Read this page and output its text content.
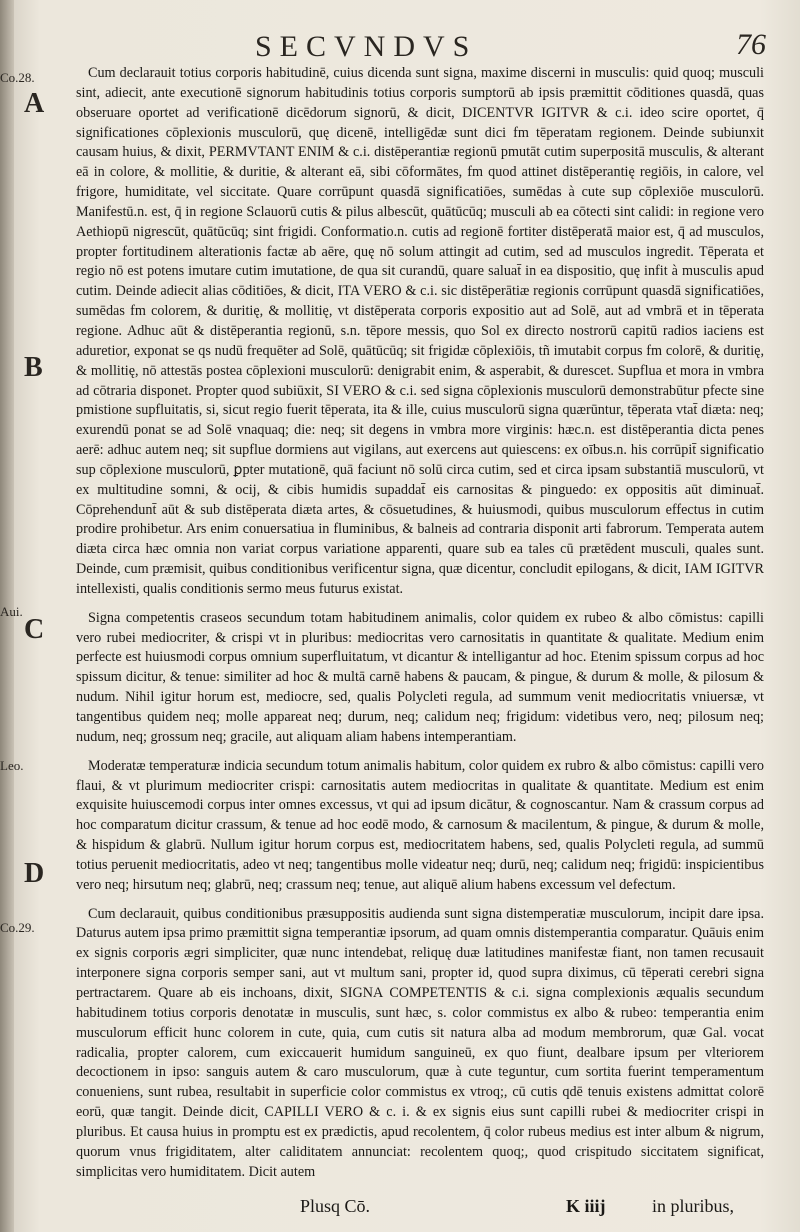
SECVNDVS	76
Co.28.
A
B
Aui.
C
Leo.
D
Co.29.

Cum declarauit totius corporis habitudinē, cuius dicenda sunt signa, maxime discerni in musculis: quid quoq; musculi sint, adiecit, ante executionē signorum habitudinis totius corporis sumptorū ab ipsis præmittit cōditiones quasdā, quas obseruare oportet ad verificationē dicēdorum signorū, & dicit, DICENTVR IGITVR & c.i. ideo scire oportet, q̄ significationes cōplexionis musculorū, quę dicenē, intelligēdæ sunt dici fm tēperatam regionem. Deinde subiunxit causam huius, & dixit, PERMVTANT ENIM & c.i. distēperantiæ regionū pmutāt cutim superpositā musculis, & alterant eā in colore, & mollitie, & duritie, & alterant eā, sibi cōformātes, fm quod attinet distēperantię regiōis, in calore, vel frigore, humiditate, vel siccitate. Quare corrūpunt quasdā significatiōes, sumēdas à cute sup cōplexiōe musculorū. Manifestū.n. est, q̄ in regione Sclauorū cutis & pilus albescūt, quātūcūq; musculi ab ea cōtecti sint calidi: in regione vero Aethiopū nigrescūt, quātūcūq; sint frigidi. Conformatio.n. cutis ad regionē fortiter distēperatā maior est, q̄ ad musculos, propter fortitudinem alterationis factæ ab aēre, quę nō solum attingit ad cutim, sed ad musculos ingredit. Tēperata et regio nō est potens imutare cutim imutatione, de qua sit curandū, quare saluat̄ in ea dispositio, quę infit à musculis apud cutim. Deinde adiecit alias cōditiōes, & dicit, ITA VERO & c.i. sic distēperātiæ regionis corrūpunt quasdā significatiōes, sumēdas fm colorem, & duritię, & mollitię, vt distēperata corporis expositio aut ad Solē, aut ad vmbrā et in tēperata regione. Adhuc aūt & distēperantia regionū, s.n. tēpore messis, quo Sol ex directo nostrorū capitū radios iaciens est aduretior, exponat se qs nudū frequēter ad Solē, quātūcūq; sit frigidæ cōplexiōis, tñ imutabit corpus fm colorē, & duritię, & mollitię, nō attestās postea cōplexioni musculorū: denigrabit enim, & asperabit, & durescet. Supflua et mora in vmbra ad cōtraria disponet. Propter quod subiūxit, SI VERO & c.i. sed signa cōplexionis musculorū demonstrabūtur pfecte sine pmistione supfluitatis, si, sicut regio fuerit tēperata, ita & ille, cuius musculorū signa quærūntur, tēperata vtat̄ diæta: neq; exurendū ponat se ad Solē vnaquaq; die: neq; sit degens in vmbra more virginis: hæc.n. est distēperantia dicta penes aerē: adhuc autem neq; sit supflue dormiens aut vigilans, aut exercens aut quiescens: ex oībus.n. his corrūpit̄ significatio sup cōplexione musculorū, ꝑpter mutationē, quā faciunt nō solū circa cutim, sed et circa ipsam substantiā musculorū, vt ex multitudine somni, & ocij, & cibis humidis supaddat̄ eis carnositas & pinguedo: ex oppositis aūt diminuat̄. Cōprehendunt̄ aūt & sub distēperata diæta artes, & cōsuetudines, & huiusmodi, quibus musculorum effectus in cutim prodire prohibetur. Ars enim conuersatiua in fluminibus, & balneis ad contraria disponit arti fabrorum. Temperata autem diæta circa hæc omnia non variat corpus variatione apparenti, quare sub ea tales cū prætēdent musculi, quales sunt. Deinde, cum præmisit, quibus conditionibus verificentur signa, quæ dicentur, concludit epilogans, & dicit, IAM IGITVR intellexisti, qualis conditionis sermo meus futurus existat.

Signa competentis craseos secundum totam habitudinem animalis, color quidem ex rubeo & albo cōmistus: capilli vero rubei mediocriter, & crispi vt in pluribus: mediocritas vero carnositatis in quantitate & qualitate. Medium enim perfecte est huiusmodi corpus omnium superfluitatum, vt dicantur & intelligantur ad hoc. Etenim spissum corpus ad hoc spissum dicitur, & tenue: similiter ad hoc & multā carnē habens & paucam, & pingue, & durum & molle, & pilosum & nudum. Nihil igitur horum est, mediocre, sed, qualis Polycleti regula, ad summum venit mediocritatis vniuersæ, vt tangentibus quidem neq; molle appareat neq; durum, neq; calidum neq; frigidum: videtibus vero, neq; pilosum neq; nudum, neq; grossum neq; gracile, aut aliquam aliam habens intemperantiam.

Moderatæ temperaturæ indicia secundum totum animalis habitum, color quidem ex rubro & albo cōmistus: capilli vero flaui, & vt plurimum mediocriter crispi: carnositatis autem mediocritas in qualitate & quantitate. Medium est enim exquisite huiuscemodi corpus inter omnes excessus, vt qui ad ipsum dicātur, & cognoscantur. Nam & crassum corpus ad hoc comparatum dicitur crassum, & tenue ad hoc eodē modo, & carnosum & macilentum, & pingue, & durum & molle, & hispidum & glabrū. Nullum igitur horum corpus est, mediocritatem habens, sed, qualis Polycleti regula, ad summū totius peruenit mediocritatis, adeo vt neq; tangentibus molle videatur neq; durū, neq; calidum neq; frigidū: inspicientibus vero neq; hirsutum neq; glabrū, neq; crassum neq; tenue, aut aliquē alium habens excessum vel defectum.

Cum declarauit, quibus conditionibus præsuppositis audienda sunt signa distemperatiæ musculorum, incipit dare ipsa. Daturus autem ipsa primo præmittit signa temperantiæ ipsorum, ad quam omnis distemperantia comparatur. Quāuis enim ex signis corporis ægri simpliciter, quæ nunc intendebat, reliquę duæ latitudines manifestæ fiant, non tamen recusauit interponere signa corporis semper sani, aut vt multum sani, propter id, quod supra diximus, cū tēperati cerebri signa pertractarem. Quare ab eis inchoans, dixit, SIGNA COMPETENTIS & c.i. signa complexionis æqualis secundum habitudinem totius corporis denotatæ in musculis, sunt hæc, s. color commistus ex albo & rubeo: temperantia enim musculorum efficit hunc colorem in cute, quia, cum cutis sit natura alba ad modum membrorum, quæ Gal. vocat radicalia, propter calorem, cum exiccauerit humidum sanguineū, ex quo fiunt, dealbare ipsum per vlteriorem decoctionem in ipso: sanguis autem & caro musculorum, quæ à cute teguntur, cum sortita fuerint temperamentum conueniens, sunt rubea, resultabit in superficie color commistus ex vtroq;, cū cutis qdē tenuis existens admittat colorē eorū, quæ tangit. Deinde dicit, CAPILLI VERO & c. i. & ex signis eius sunt capilli rubei & mediocriter crispi in pluribus. Et causa huius in promptu est ex prædictis, apud recolentem, q̄ color rubeus medius est inter album & nigrum, quorum vnus frigiditatem, alter caliditatem annunciat: recolentem quoq;, quod crispitudo siccitatem significat, simplicitas vero humiditatem. Dicit autem

Plusq Cō.	K iiij	in pluribus,
